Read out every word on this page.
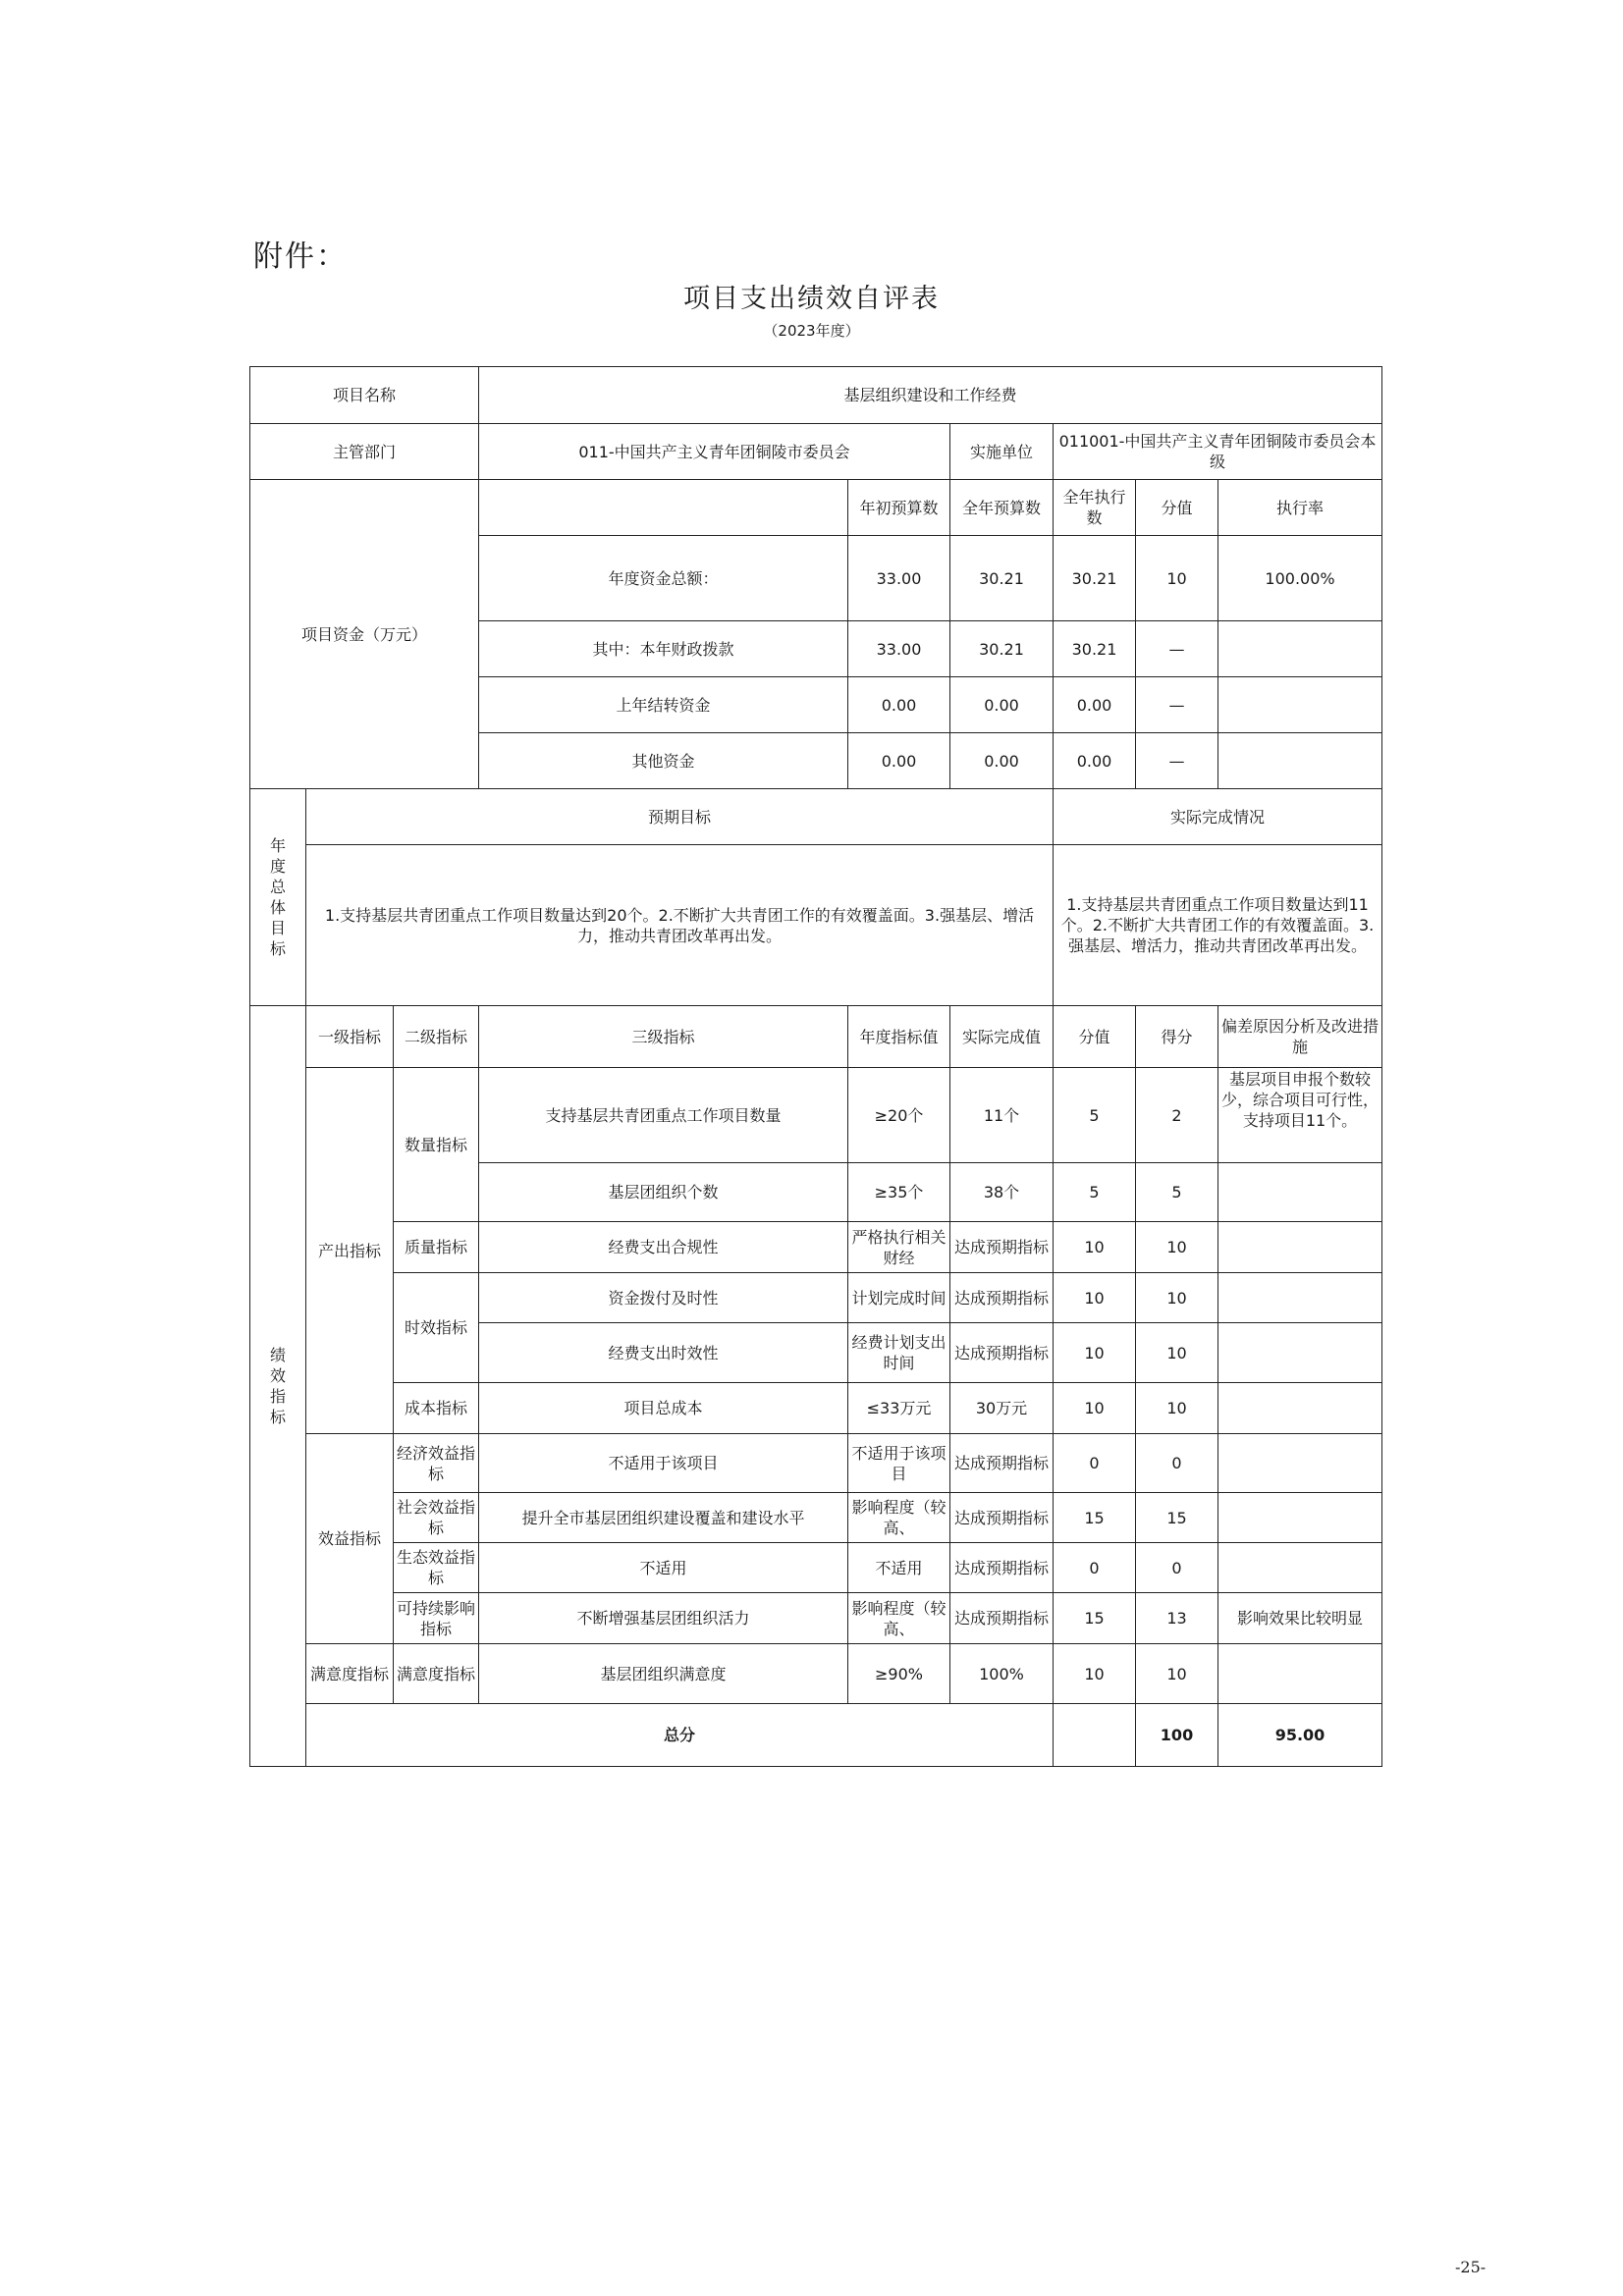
附件：
项目支出绩效自评表
（2023年度）
项目名称			基层组织建设和工作经费						
主管部门			011-中国共产主义青年团铜陵市委员会		实施单位	011001-中国共产主义青年团铜陵市委员会本级			
项目资金（万元）				年初预算数	全年预算数	全年执行数	分值	执行率	
			年度资金总额：	33.00	30.21	30.21	10	100.00%	
			其中：本年财政拨款	33.00	30.21	30.21	—		
			上年结转资金	0.00	0.00	0.00	—		
			其他资金	0.00	0.00	0.00	—		

年度总体目标	预期目标					实际完成情况			
	1.支持基层共青团重点工作项目数量达到20个。2.不断扩大共青团工作的有效覆盖面。3.强基层、增活力，推动共青团改革再出发。					1.支持基层共青团重点工作项目数量达到11个。2.不断扩大共青团工作的有效覆盖面。3.强基层、增活力，推动共青团改革再出发。			

绩效指标	一级指标	二级指标	三级指标	年度指标值	实际完成值	分值	得分	偏差原因分析及改进措施	
	产出指标	数量指标	支持基层共青团重点工作项目数量	≥20个	11个	5	2	基层项目申报个数较少，综合项目可行性，支持项目11个。	
			基层团组织个数	≥35个	38个	5	5		
		质量指标	经费支出合规性	严格执行相关财经	达成预期指标	10	10		
		时效指标	资金拨付及时性	计划完成时间	达成预期指标	10	10		
			经费支出时效性	经费计划支出时间	达成预期指标	10	10		
		成本指标	项目总成本	≤33万元	30万元	10	10		
	效益指标	经济效益指标	不适用于该项目	不适用于该项目	达成预期指标	0	0		
		社会效益指标	提升全市基层团组织建设覆盖和建设水平	影响程度（较高、	达成预期指标	15	15		
		生态效益指标	不适用	不适用	达成预期指标	0	0		
		可持续影响指标	不断增强基层团组织活力	影响程度（较高、	达成预期指标	15	13	影响效果比较明显	
	满意度指标	满意度指标	基层团组织满意度	≥90%	100%	10	10		
	总分						100	95.00	
-25-
